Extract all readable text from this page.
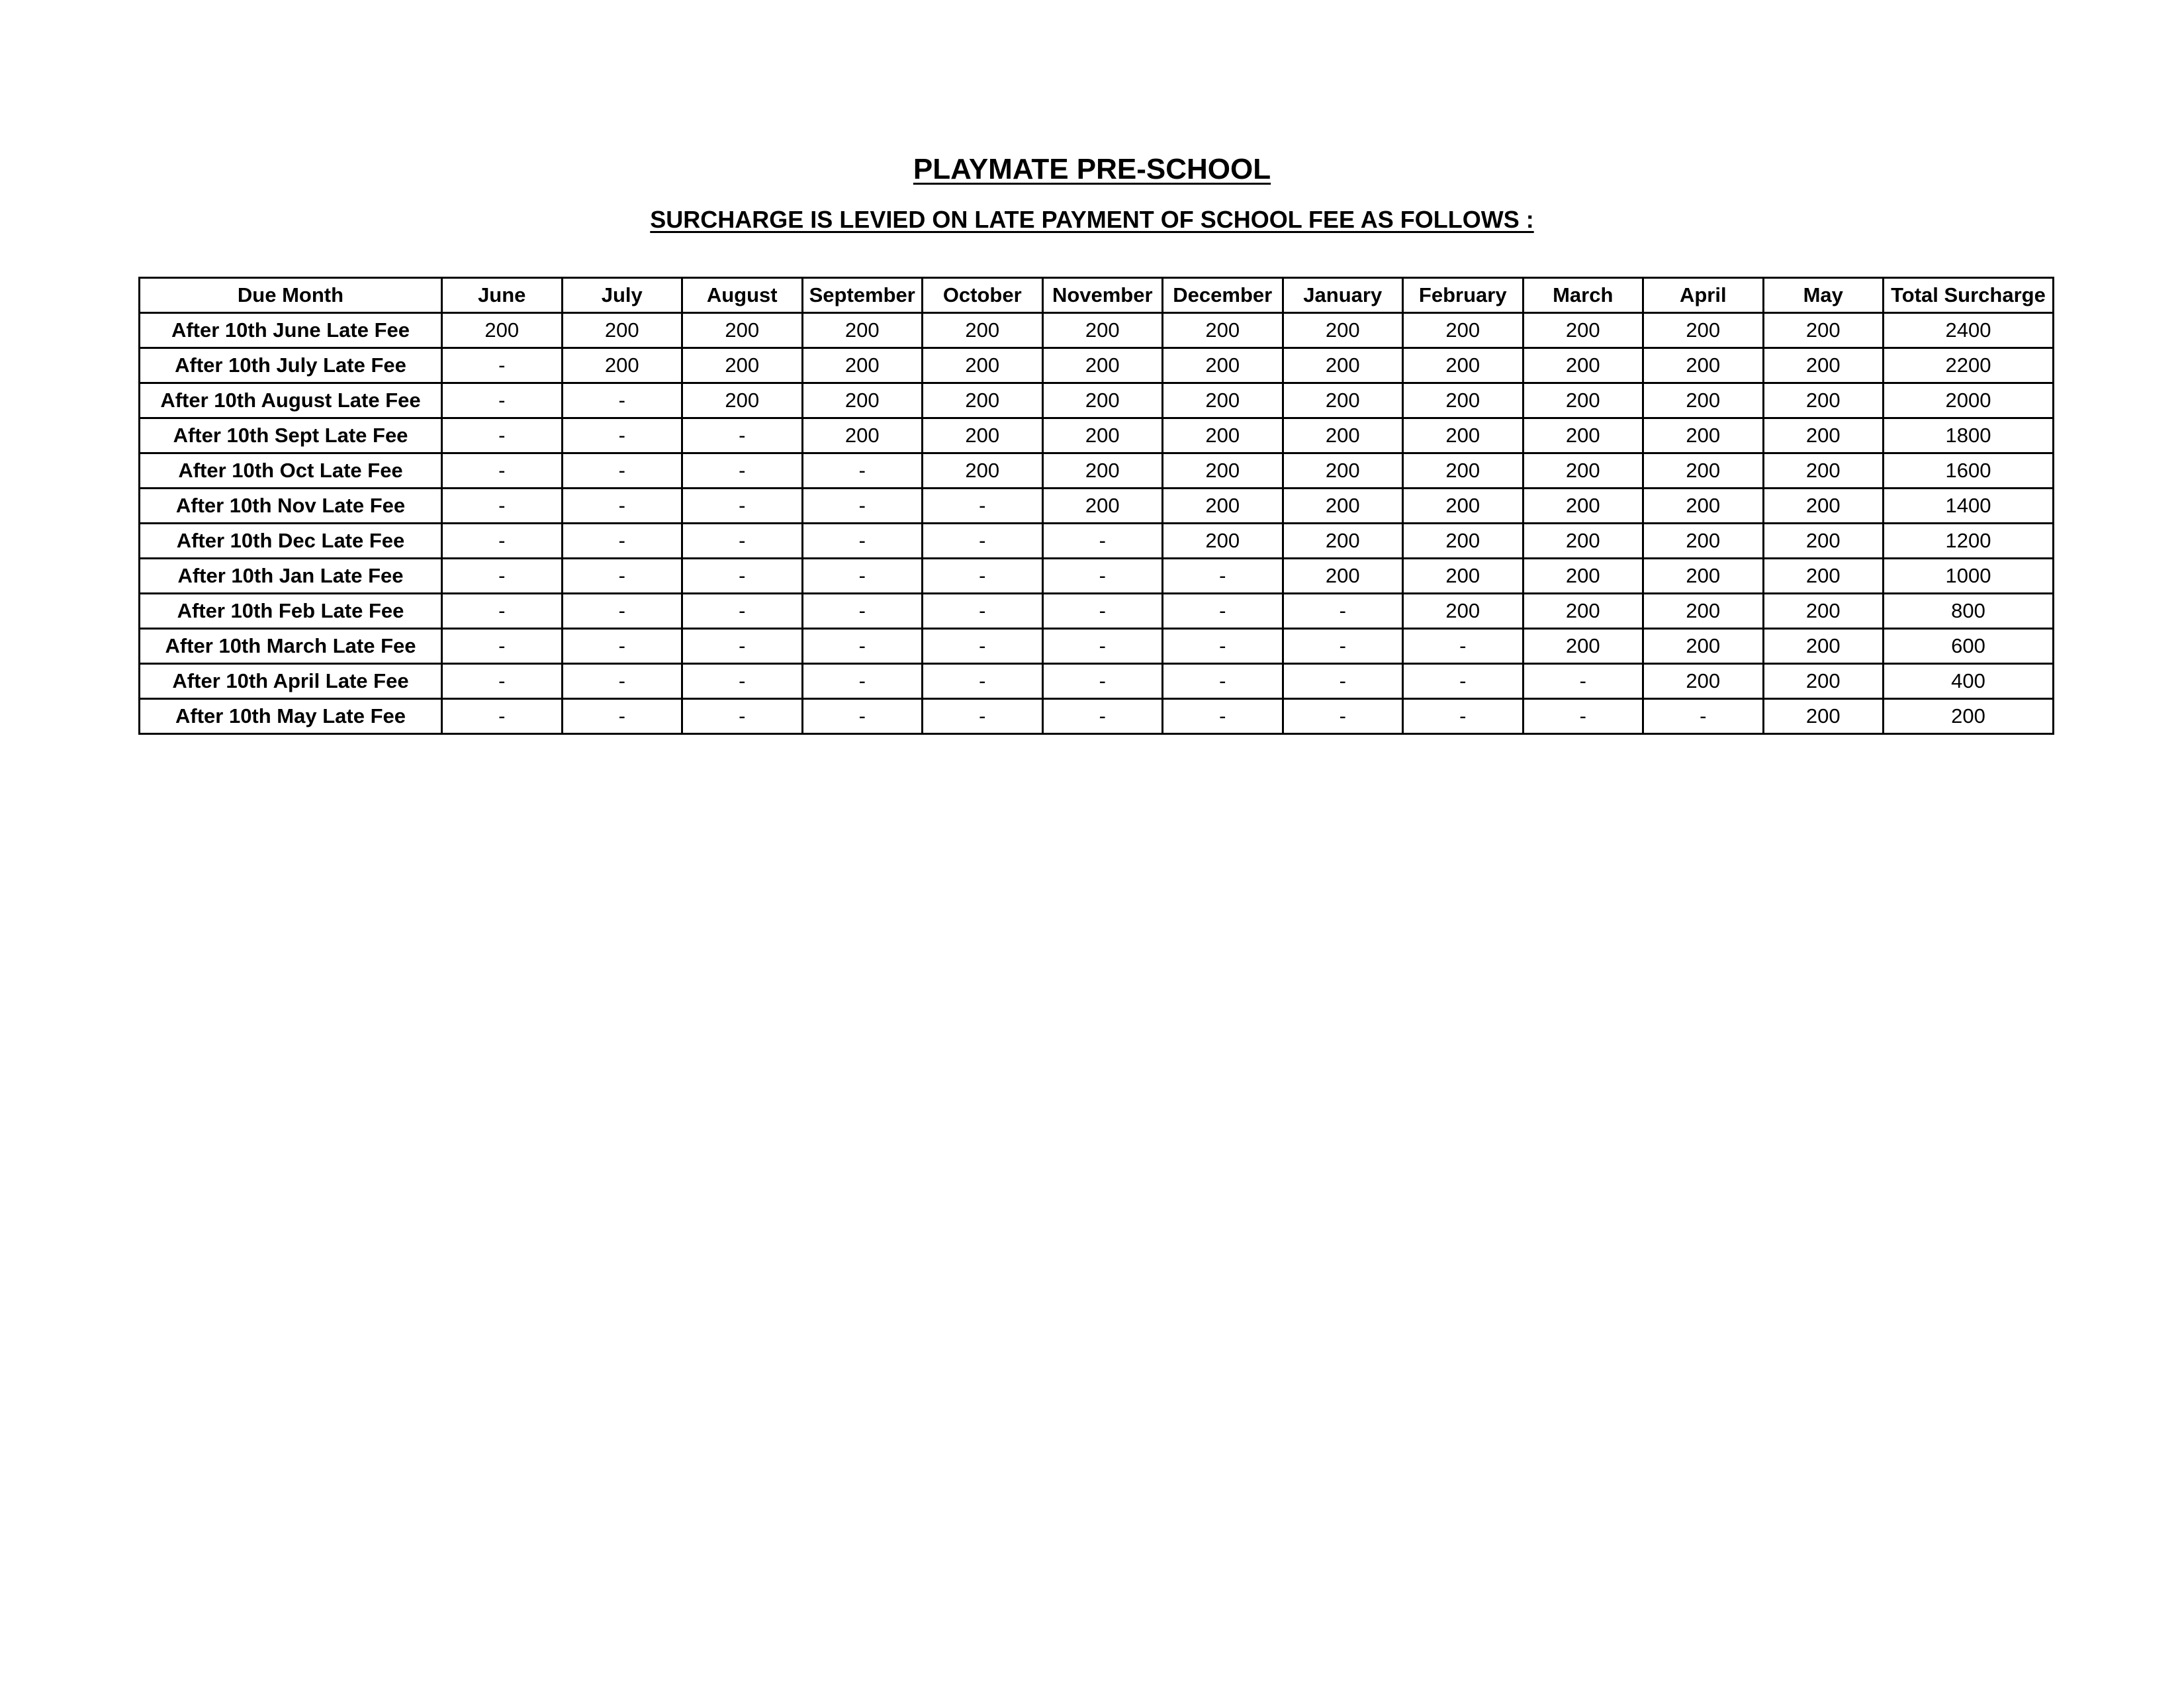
PLAYMATE PRE-SCHOOL
SURCHARGE IS LEVIED ON LATE PAYMENT OF SCHOOL FEE AS FOLLOWS :
Due Month	June	July	August	September	October	November	December	January	February	March	April	May	Total Surcharge
After 10th June Late Fee	200	200	200	200	200	200	200	200	200	200	200	200	2400
After 10th July Late Fee	-	200	200	200	200	200	200	200	200	200	200	200	2200
After 10th August Late Fee	-	-	200	200	200	200	200	200	200	200	200	200	2000
After 10th Sept Late Fee	-	-	-	200	200	200	200	200	200	200	200	200	1800
After 10th Oct Late Fee	-	-	-	-	200	200	200	200	200	200	200	200	1600
After 10th Nov Late Fee	-	-	-	-	-	200	200	200	200	200	200	200	1400
After 10th Dec Late Fee	-	-	-	-	-	-	200	200	200	200	200	200	1200
After 10th Jan Late Fee	-	-	-	-	-	-	-	200	200	200	200	200	1000
After 10th Feb Late Fee	-	-	-	-	-	-	-	-	200	200	200	200	800
After 10th March Late Fee	-	-	-	-	-	-	-	-	-	200	200	200	600
After 10th April Late Fee	-	-	-	-	-	-	-	-	-	-	200	200	400
After 10th May Late Fee	-	-	-	-	-	-	-	-	-	-	-	200	200
